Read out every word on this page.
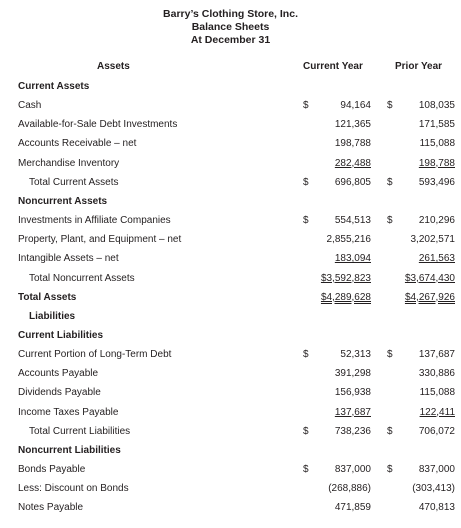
Barry’s Clothing Store, Inc.
Balance Sheets
At December 31
Assets	Current Year	Prior Year
Current Assets
Cash	$	94,164 $	108,035
Available-for-Sale Debt Investments	121,365	171,585
Accounts Receivable – net	198,788	115,088
Merchandise Inventory	282,488	198,788
Total Current Assets	$	696,805 $	593,496
Noncurrent Assets
Investments in Affiliate Companies	$	554,513 $	210,296
Property, Plant, and Equipment – net	2,855,216	3,202,571
Intangible Assets – net	183,094	261,563
Total Noncurrent Assets	$3,592,823	$3,674,430
Total Assets	$4,289,628	$4,267,926
Liabilities
Current Liabilities
Current Portion of Long-Term Debt	$	52,313 $	137,687
Accounts Payable	391,298	330,886
Dividends Payable	156,938	115,088
Income Taxes Payable	137,687	122,411
Total Current Liabilities	$	738,236 $	706,072
Noncurrent Liabilities
Bonds Payable	$	837,000 $	837,000
Less: Discount on Bonds	(268,886)	(303,413)
Notes Payable	471,859	470,813
